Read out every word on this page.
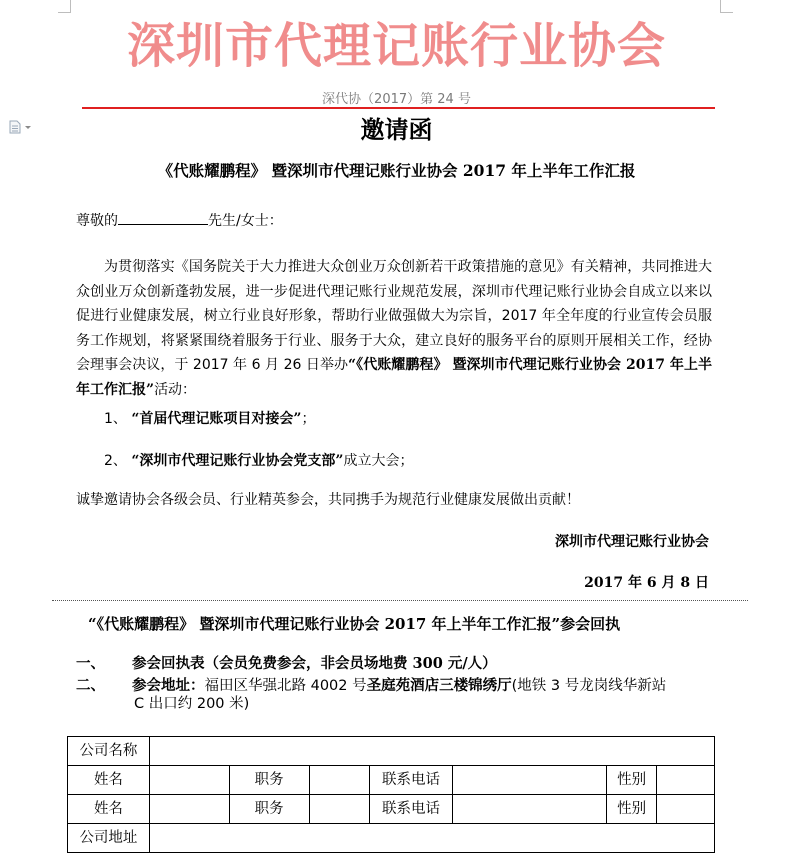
深圳市代理记账行业协会
深代协（2017）第 24 号
邀请函
《代账耀鹏程》 暨深圳市代理记账行业协会 2017 年上半年工作汇报
尊敬的	先生/女士：
为贯彻落实《国务院关于大力推进大众创业万众创新若干政策措施的意见》有关精神，共同推进大众创业万众创新蓬勃发展，进一步促进代理记账行业规范发展，深圳市代理记账行业协会自成立以来以促进行业健康发展，树立行业良好形象，帮助行业做强做大为宗旨，2017 年全年度的行业宣传会员服务工作规划，将紧紧围绕着服务于行业、服务于大众，建立良好的服务平台的原则开展相关工作，经协会理事会决议，于 2017 年 6 月 26 日举办“《代账耀鹏程》 暨深圳市代理记账行业协会 2017 年上半年工作汇报”活动：
1、 “首届代理记账项目对接会”；
2、 “深圳市代理记账行业协会党支部”成立大会；
诚挚邀请协会各级会员、行业精英参会，共同携手为规范行业健康发展做出贡献！
深圳市代理记账行业协会
2017 年 6 月 8 日
“《代账耀鹏程》 暨深圳市代理记账行业协会 2017 年上半年工作汇报”参会回执
一、 参会回执表（会员免费参会，非会员场地费 300 元/人）
二、 参会地址：福田区华强北路 4002 号圣庭苑酒店三楼锦绣厅(地铁 3 号龙岗线华新站
C 出口约 200 米)
公司名称							
姓名		职务		联系电话		性别	
姓名		职务		联系电话		性别	
公司地址							
